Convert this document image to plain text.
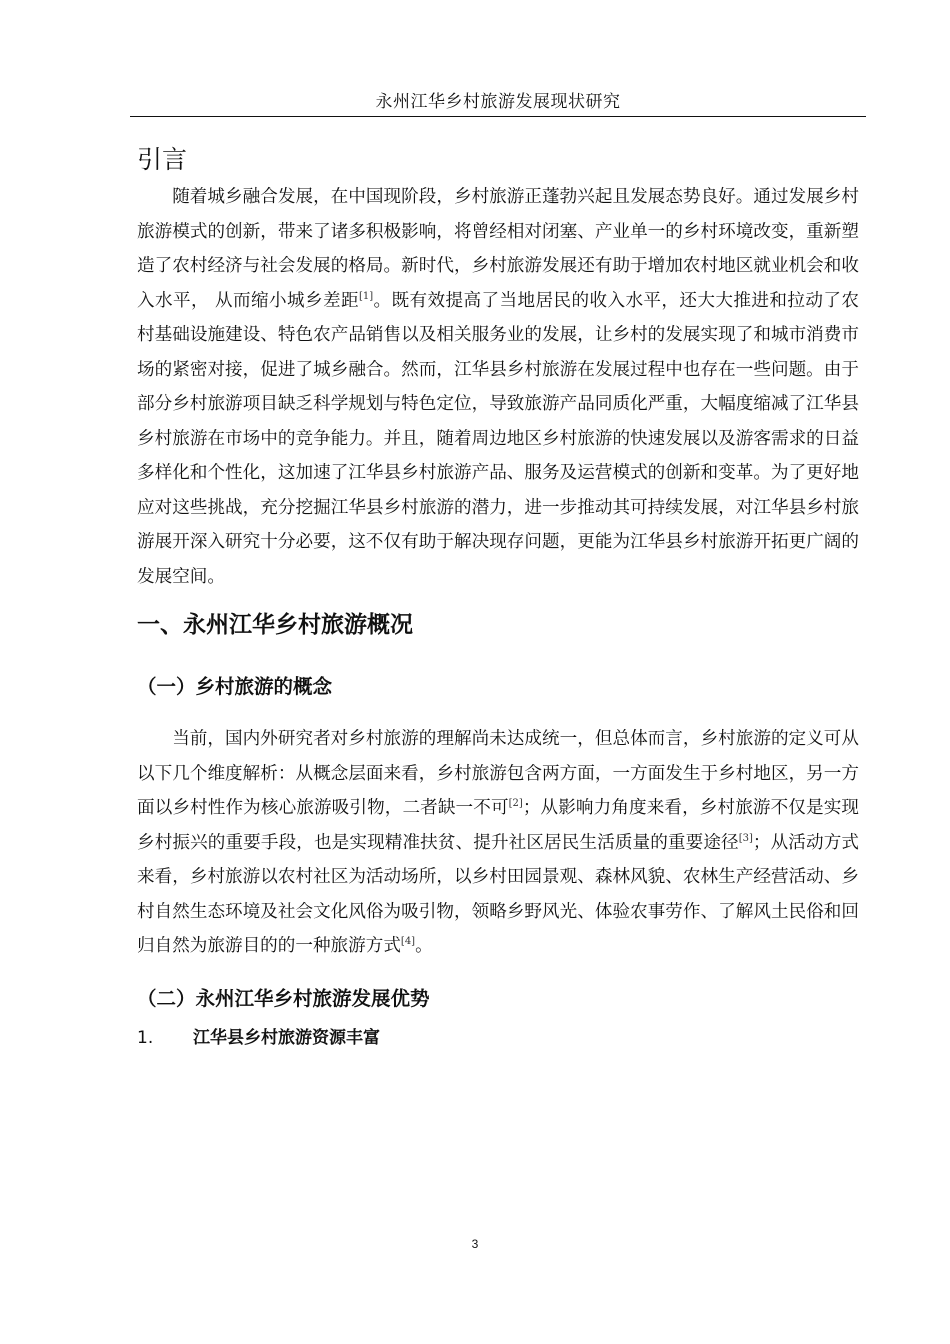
永州江华乡村旅游发展现状研究
引言

随着城乡融合发展，在中国现阶段，乡村旅游正蓬勃兴起且发展态势良好。通过发展乡村旅游模式的创新，带来了诸多积极影响，将曾经相对闭塞、产业单一的乡村环境改变，重新塑造了农村经济与社会发展的格局。新时代，乡村旅游发展还有助于增加农村地区就业机会和收入水平， 从而缩小城乡差距[1]。既有效提高了当地居民的收入水平，还大大推进和拉动了农村基础设施建设、特色农产品销售以及相关服务业的发展，让乡村的发展实现了和城市消费市场的紧密对接，促进了城乡融合。然而，江华县乡村旅游在发展过程中也存在一些问题。由于部分乡村旅游项目缺乏科学规划与特色定位，导致旅游产品同质化严重，大幅度缩减了江华县乡村旅游在市场中的竞争能力。并且，随着周边地区乡村旅游的快速发展以及游客需求的日益多样化和个性化，这加速了江华县乡村旅游产品、服务及运营模式的创新和变革。为了更好地应对这些挑战，充分挖掘江华县乡村旅游的潜力，进一步推动其可持续发展，对江华县乡村旅游展开深入研究十分必要，这不仅有助于解决现存问题，更能为江华县乡村旅游开拓更广阔的发展空间。

一、永州江华乡村旅游概况
（一）乡村旅游的概念

当前，国内外研究者对乡村旅游的理解尚未达成统一，但总体而言，乡村旅游的定义可从以下几个维度解析：从概念层面来看，乡村旅游包含两方面，一方面发生于乡村地区，另一方面以乡村性作为核心旅游吸引物，二者缺一不可[2]；从影响力角度来看，乡村旅游不仅是实现乡村振兴的重要手段，也是实现精准扶贫、提升社区居民生活质量的重要途径[3]；从活动方式来看，乡村旅游以农村社区为活动场所，以乡村田园景观、森林风貌、农林生产经营活动、乡村自然生态环境及社会文化风俗为吸引物，领略乡野风光、体验农事劳作、了解风土民俗和回归自然为旅游目的的一种旅游方式[4]。

（二）永州江华乡村旅游发展优势
1.	江华县乡村旅游资源丰富
3
